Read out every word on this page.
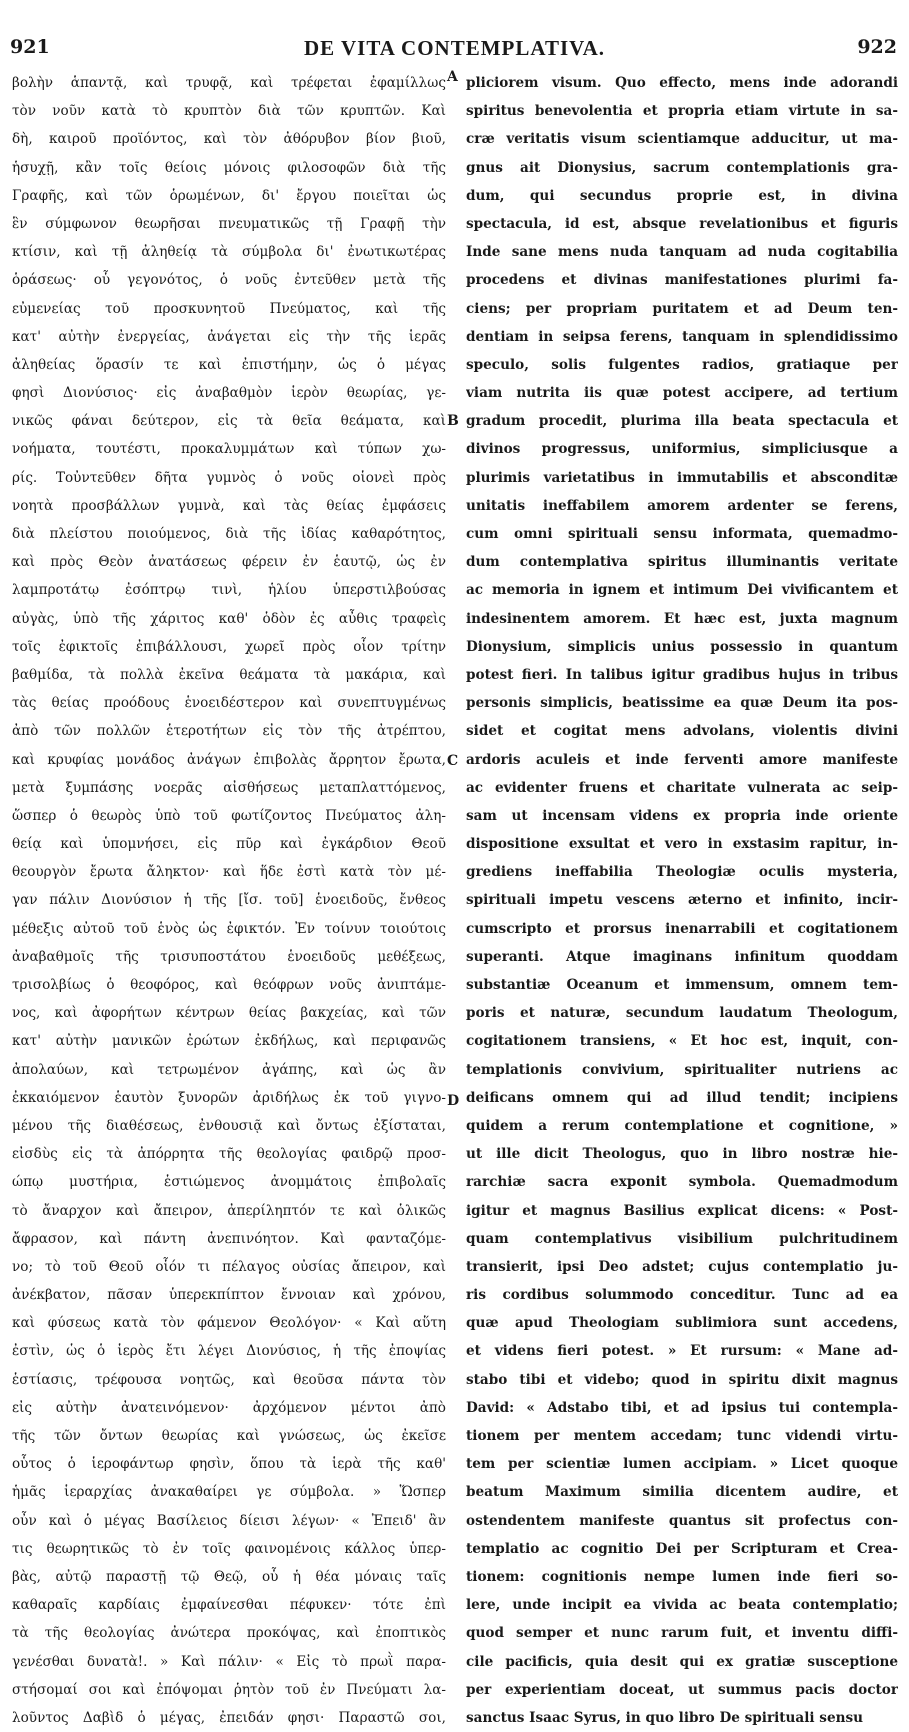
921	DE VITA CONTEMPLATIVA.	922
βολὴν ἁπαντᾷ, καὶ τρυφᾷ, καὶ τρέφεται ἐφαμίλλως
τὸν νοῦν κατὰ τὸ κρυπτὸν διὰ τῶν κρυπτῶν. Καὶ
δὴ, καιροῦ προϊόντος, καὶ τὸν ἀθόρυβον βίον βιοῦ,
ἡσυχῇ, κἂν τοῖς θείοις μόνοις φιλοσοφῶν διὰ τῆς
Γραφῆς, καὶ τῶν ὁρωμένων, δι' ἔργου ποιεῖται ὡς
ἓν σύμφωνον θεωρῆσαι πνευματικῶς τῇ Γραφῇ τὴν
κτίσιν, καὶ τῇ ἀληθείᾳ τὰ σύμβολα δι' ἐνωτικωτέρας
ὁράσεως· οὗ γεγονότος, ὁ νοῦς ἐντεῦθεν μετὰ τῆς
εὐμενείας τοῦ προσκυνητοῦ Πνεύματος, καὶ τῆς
κατ' αὐτὴν ἐνεργείας, ἀνάγεται εἰς τὴν τῆς ἱερᾶς
ἀληθείας ὅρασίν τε καὶ ἐπιστήμην, ὡς ὁ μέγας
φησὶ Διονύσιος· εἰς ἀναβαθμὸν ἱερὸν θεωρίας, γε-
νικῶς φάναι δεύτερον, εἰς τὰ θεῖα θεάματα, καὶ
νοήματα, τουτέστι, προκαλυμμάτων καὶ τύπων χω-
ρίς. Τοὐντεῦθεν δῆτα γυμνὸς ὁ νοῦς οἱονεὶ πρὸς
νοητὰ προσβάλλων γυμνὰ, καὶ τὰς θείας ἐμφάσεις
διὰ πλείστου ποιούμενος, διὰ τῆς ἰδίας καθαρότητος,
καὶ πρὸς Θεὸν ἀνατάσεως φέρειν ἐν ἑαυτῷ, ὡς ἐν
λαμπροτάτῳ ἐσόπτρῳ τινὶ, ἡλίου ὑπερστιλβούσας
αὐγὰς, ὑπὸ τῆς χάριτος καθ' ὁδὸν ἐς αὖθις τραφεὶς
τοῖς ἐφικτοῖς ἐπιβάλλουσι, χωρεῖ πρὸς οἷον τρίτην
βαθμίδα, τὰ πολλὰ ἐκεῖνα θεάματα τὰ μακάρια, καὶ
τὰς θείας προόδους ἑνοειδέστερον καὶ συνεπτυγμένως
ἀπὸ τῶν πολλῶν ἑτεροτήτων εἰς τὸν τῆς ἀτρέπτου,
καὶ κρυφίας μονάδος ἀνάγων ἐπιβολὰς ἄρρητον ἔρωτα,
μετὰ ξυμπάσης νοερᾶς αἰσθήσεως μεταπλαττόμενος,
ὥσπερ ὁ θεωρὸς ὑπὸ τοῦ φωτίζοντος Πνεύματος ἀλη-
θείᾳ καὶ ὑπομνήσει, εἰς πῦρ καὶ ἐγκάρδιον Θεοῦ
θεουργὸν ἔρωτα ἄληκτον· καὶ ἥδε ἐστὶ κατὰ τὸν μέ-
γαν πάλιν Διονύσιον ἡ τῆς [ἴσ. τοῦ] ἑνοειδοῦς, ἔνθεος
μέθεξις αὐτοῦ τοῦ ἑνὸς ὡς ἐφικτόν. Ἐν τοίνυν τοιούτοις
ἀναβαθμοῖς τῆς τρισυποστάτου ἑνοειδοῦς μεθέξεως,
τρισολβίως ὁ θεοφόρος, καὶ θεόφρων νοῦς ἀνιπτάμε-
νος, καὶ ἀφορήτων κέντρων θείας βακχείας, καὶ τῶν
κατ' αὐτὴν μανικῶν ἐρώτων ἐκδήλως, καὶ περιφανῶς
ἀπολαύων, καὶ τετρωμένον ἀγάπης, καὶ ὡς ἂν
ἐκκαιόμενον ἑαυτὸν ξυνορῶν ἀριδήλως ἐκ τοῦ γιγνο-
μένου τῆς διαθέσεως, ἐνθουσιᾷ καὶ ὄντως ἐξίσταται,
εἰσδὺς εἰς τὰ ἀπόρρητα τῆς θεολογίας φαιδρῷ προσ-
ώπῳ μυστήρια, ἑστιώμενος ἀνομμάτοις ἐπιβολαῖς
τὸ ἄναρχον καὶ ἄπειρον, ἀπερίληπτόν τε καὶ ὁλικῶς
ἄφρασον, καὶ πάντη ἀνεπινόητον. Καὶ φανταζόμε-
νο; τὸ τοῦ Θεοῦ οἷόν τι πέλαγος οὐσίας ἄπειρον, καὶ
ἀνέκβατον, πᾶσαν ὑπερεκπίπτον ἔννοιαν καὶ χρόνου,
καὶ φύσεως κατὰ τὸν φάμενον Θεολόγον· « Καὶ αὕτη
ἐστὶν, ὡς ὁ ἱερὸς ἔτι λέγει Διονύσιος, ἡ τῆς ἐποψίας
ἑστίασις, τρέφουσα νοητῶς, καὶ θεοῦσα πάντα τὸν
εἰς αὐτὴν ἀνατεινόμενον· ἀρχόμενον μέντοι ἀπὸ
τῆς τῶν ὄντων θεωρίας καὶ γνώσεως, ὡς ἐκεῖσε
οὗτος ὁ ἱεροφάντωρ φησὶν, ὅπου τὰ ἱερὰ τῆς καθ'
ἡμᾶς ἱεραρχίας ἀνακαθαίρει γε σύμβολα. » Ὥσπερ
οὖν καὶ ὁ μέγας Βασίλειος δίεισι λέγων· « Ἐπειδ' ἂν
τις θεωρητικῶς τὸ ἐν τοῖς φαινομένοις κάλλος ὑπερ-
βὰς, αὐτῷ παραστῇ τῷ Θεῷ, οὗ ἡ θέα μόναις ταῖς
καθαραῖς καρδίαις ἐμφαίνεσθαι πέφυκεν· τότε ἐπὶ
τὰ τῆς θεολογίας ἀνώτερα προκόψας, καὶ ἐποπτικὸς
γενέσθαι δυνατὰ!. » Καὶ πάλιν· « Εἰς τὸ πρωῒ παρα-
στήσομαί σοι καὶ ἐπόψομαι ῥητὸν τοῦ ἐν Πνεύματι λα-
λοῦντος Δαβὶδ ὁ μέγας, ἐπειδάν φησι· Παραστῶ σοι,
pliciorem visum. Quo effecto, mens inde adorandi
spiritus benevolentia et propria etiam virtute in sa-
cræ veritatis visum scientiamque adducitur, ut ma-
gnus ait Dionysius, sacrum contemplationis gra-
dum, qui secundus proprie est, in divina
spectacula, id est, absque revelationibus et figuris
Inde sane mens nuda tanquam ad nuda cogitabilia
procedens et divinas manifestationes plurimi fa-
ciens; per propriam puritatem et ad Deum ten-
dentiam in seipsa ferens, tanquam in splendidissimo
speculo, solis fulgentes radios, gratiaque per
viam nutrita iis quæ potest accipere, ad tertium
gradum procedit, plurima illa beata spectacula et
divinos progressus, uniformius, simpliciusque a
plurimis varietatibus in immutabilis et absconditæ
unitatis ineffabilem amorem ardenter se ferens,
cum omni spirituali sensu informata, quemadmo-
dum contemplativa spiritus illuminantis veritate
ac memoria in ignem et intimum Dei vivificantem et
indesinentem amorem. Et hæc est, juxta magnum
Dionysium, simplicis unius possessio in quantum
potest fieri. In talibus igitur gradibus hujus in tribus
personis simplicis, beatissime ea quæ Deum ita pos-
sidet et cogitat mens advolans, violentis divini
ardoris aculeis et inde ferventi amore manifeste
ac evidenter fruens et charitate vulnerata ac seip-
sam ut incensam videns ex propria inde oriente
dispositione exsultat et vero in exstasim rapitur, in-
grediens ineffabilia Theologiæ oculis mysteria,
spirituali impetu vescens æterno et infinito, incir-
cumscripto et prorsus inenarrabili et cogitationem
superanti. Atque imaginans infinitum quoddam
substantiæ Oceanum et immensum, omnem tem-
poris et naturæ, secundum laudatum Theologum,
cogitationem transiens, « Et hoc est, inquit, con-
templationis convivium, spiritualiter nutriens ac
deificans omnem qui ad illud tendit; incipiens
quidem a rerum contemplatione et cognitione, »
ut ille dicit Theologus, quo in libro nostræ hie-
rarchiæ sacra exponit symbola. Quemadmodum
igitur et magnus Basilius explicat dicens: « Post-
quam contemplativus visibilium pulchritudinem
transierit, ipsi Deo adstet; cujus contemplatio ju-
ris cordibus solummodo conceditur. Tunc ad ea
quæ apud Theologiam sublimiora sunt accedens,
et videns fieri potest. » Et rursum: « Mane ad-
stabo tibi et videbo; quod in spiritu dixit magnus
David: « Adstabo tibi, et ad ipsius tui contempla-
tionem per mentem accedam; tunc videndi virtu-
tem per scientiæ lumen accipiam. » Licet quoque
beatum Maximum similia dicentem audire, et
ostendentem manifeste quantus sit profectus con-
templatio ac cognitio Dei per Scripturam et Crea-
tionem: cognitionis nempe lumen inde fieri so-
lere, unde incipit ea vivida ac beata contemplatio;
quod semper et nunc rarum fuit, et inventu diffi-
cile pacificis, quia desit qui ex gratiæ susceptione
per experientiam doceat, ut summus pacis doctor
sanctus Isaac Syrus, in quo libro De spirituali sensu
A
B
C
D
